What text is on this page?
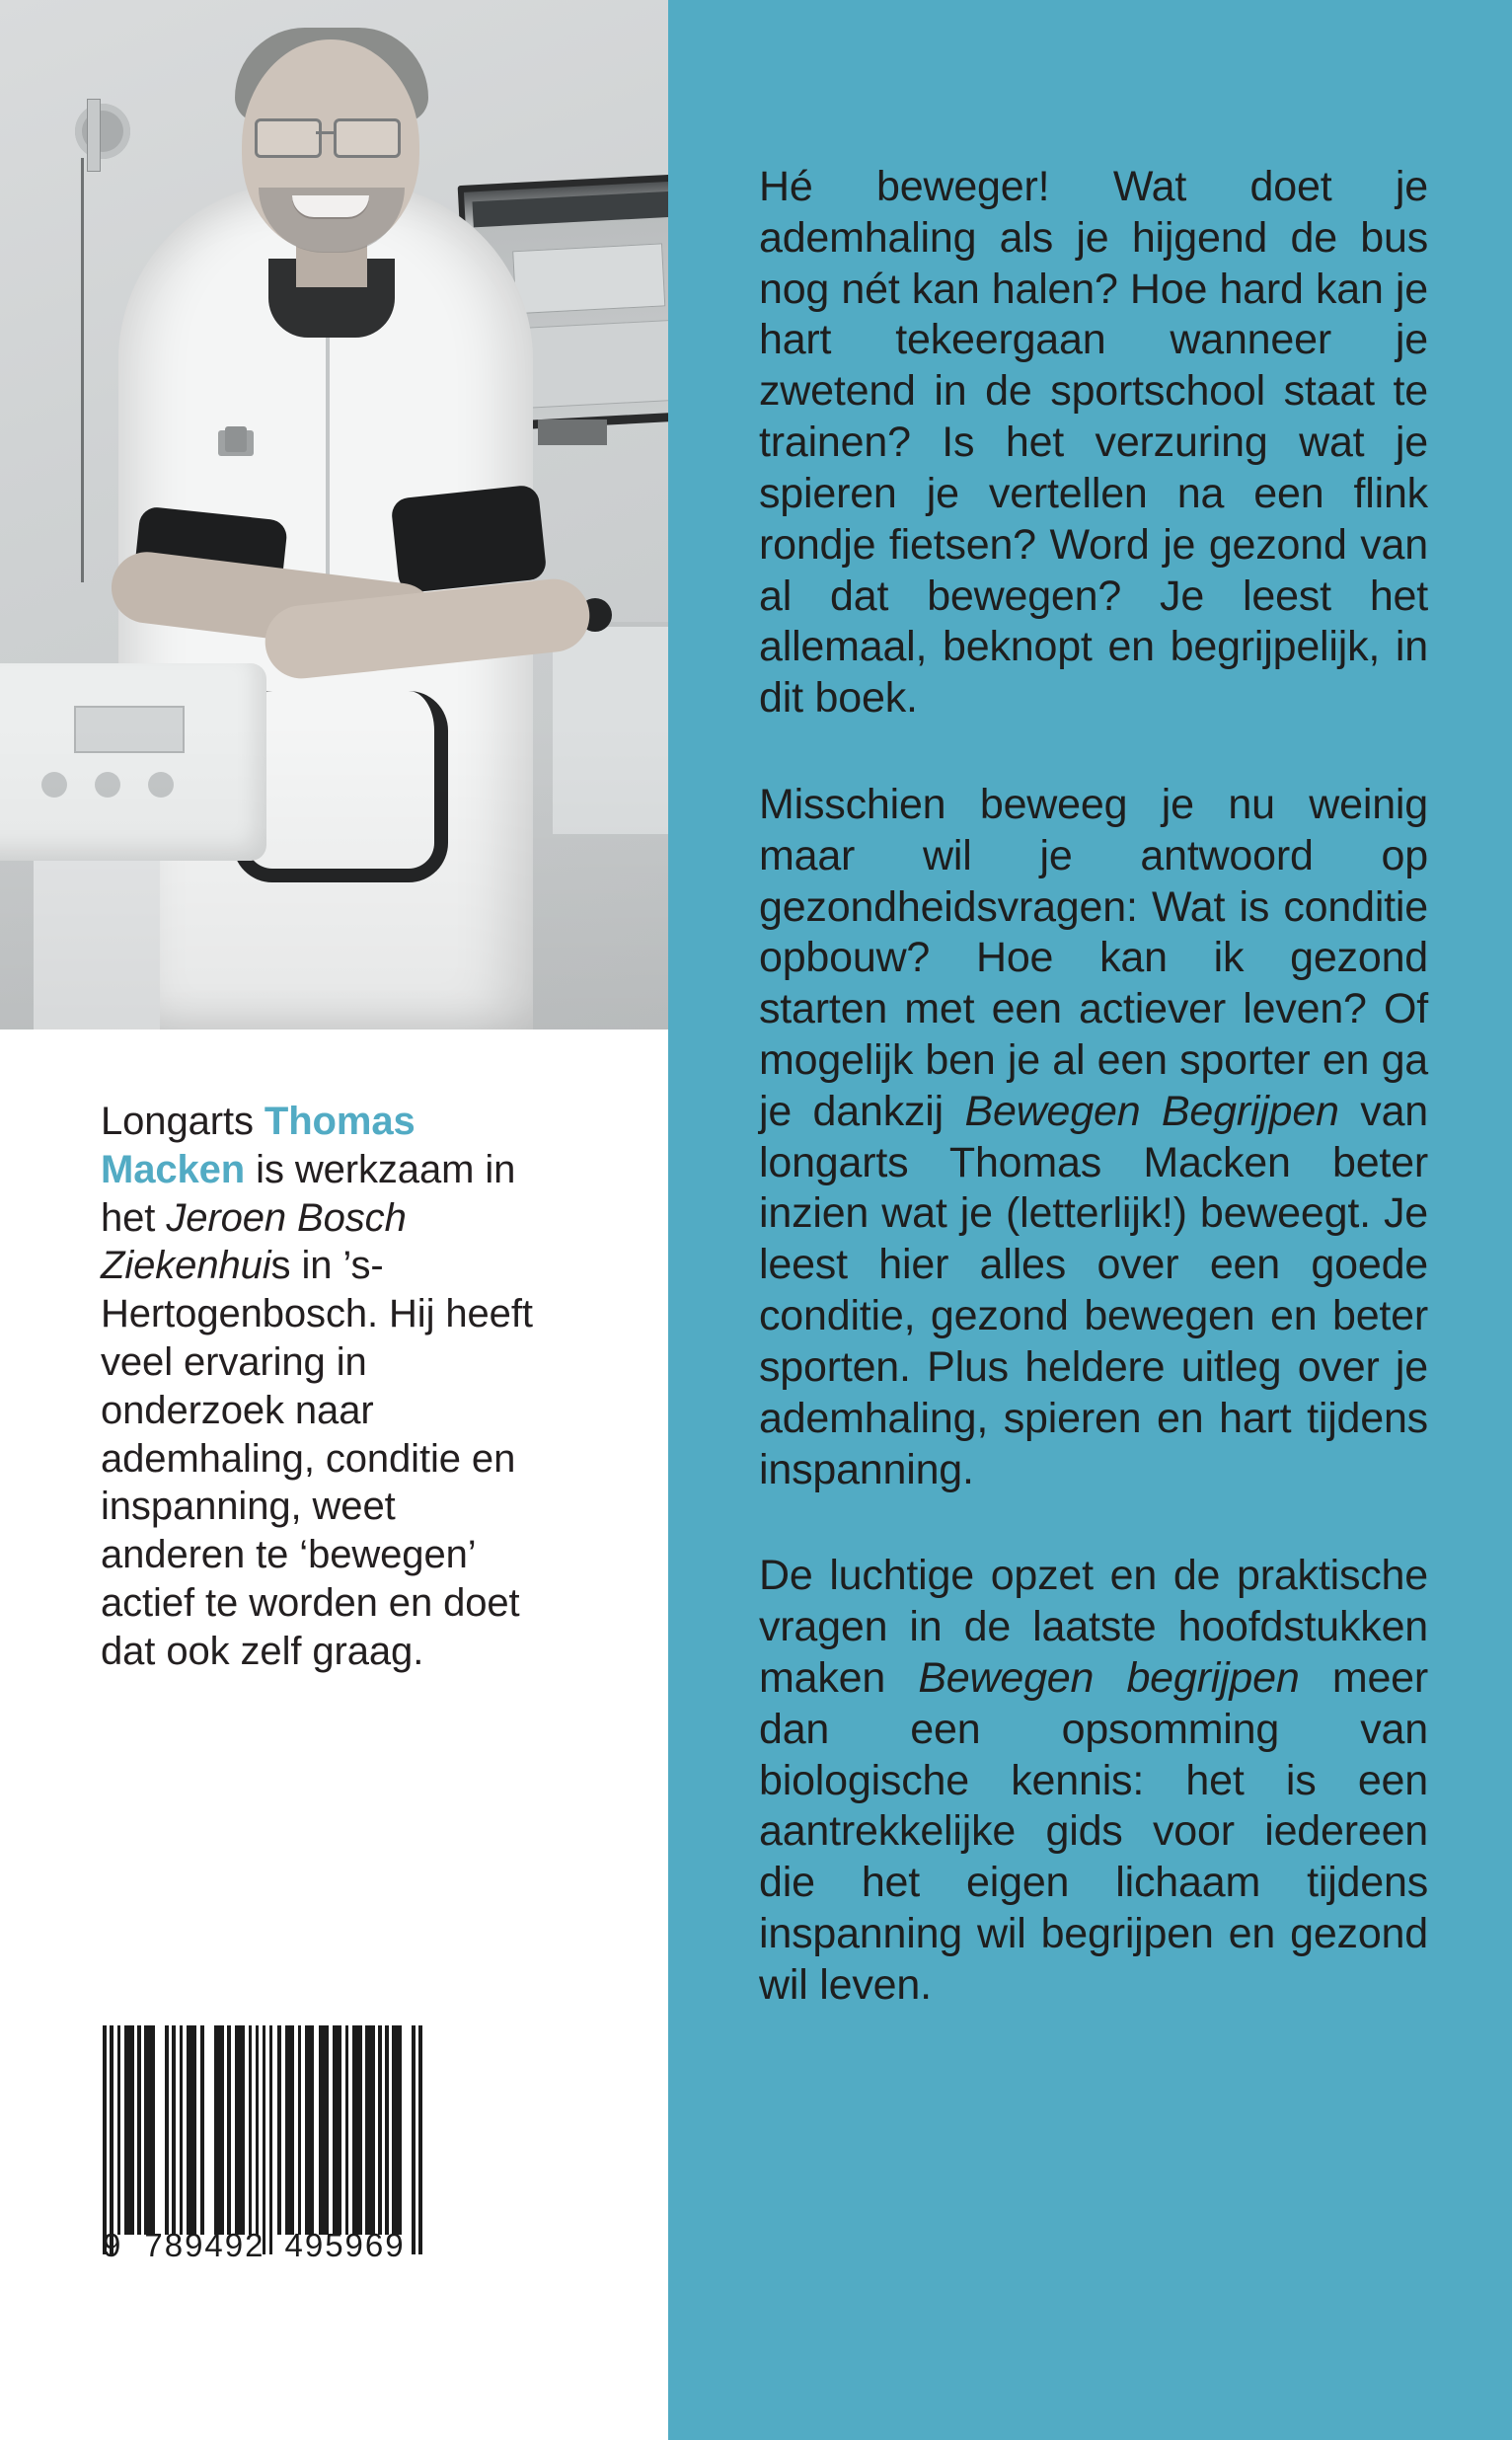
Longarts Thomas Macken is werkzaam in het Jeroen Bosch Ziekenhuis in ’s-Hertogenbosch. Hij heeft veel ervaring in onderzoek naar ademhaling, conditie en inspanning, weet anderen te ‘bewegen’ actief te worden en doet dat ook zelf graag.
9 789492 495969

Hé beweger! Wat doet je ademhaling als je hijgend de bus nog nét kan halen? Hoe hard kan je hart tekeergaan wanneer je zwetend in de sportschool staat te trainen? Is het verzuring wat je spieren je vertellen na een flink rondje fietsen? Word je gezond van al dat bewegen? Je leest het allemaal, beknopt en begrijpelijk, in dit boek.

Misschien beweeg je nu weinig maar wil je antwoord op gezondheidsvragen: Wat is conditie opbouw? Hoe kan ik gezond starten met een actiever leven? Of mogelijk ben je al een sporter en ga je dankzij Bewegen Begrijpen van longarts Thomas Macken beter inzien wat je (letterlijk!) beweegt. Je leest hier alles over een goede conditie, gezond bewegen en beter sporten. Plus heldere uitleg over je ademhaling, spieren en hart tijdens inspanning.

De luchtige opzet en de praktische vragen in de laatste hoofdstukken maken Bewegen begrijpen meer dan een opsomming van biologische kennis: het is een aantrekkelijke gids voor iedereen die het eigen lichaam tijdens inspanning wil begrijpen en gezond wil leven.
